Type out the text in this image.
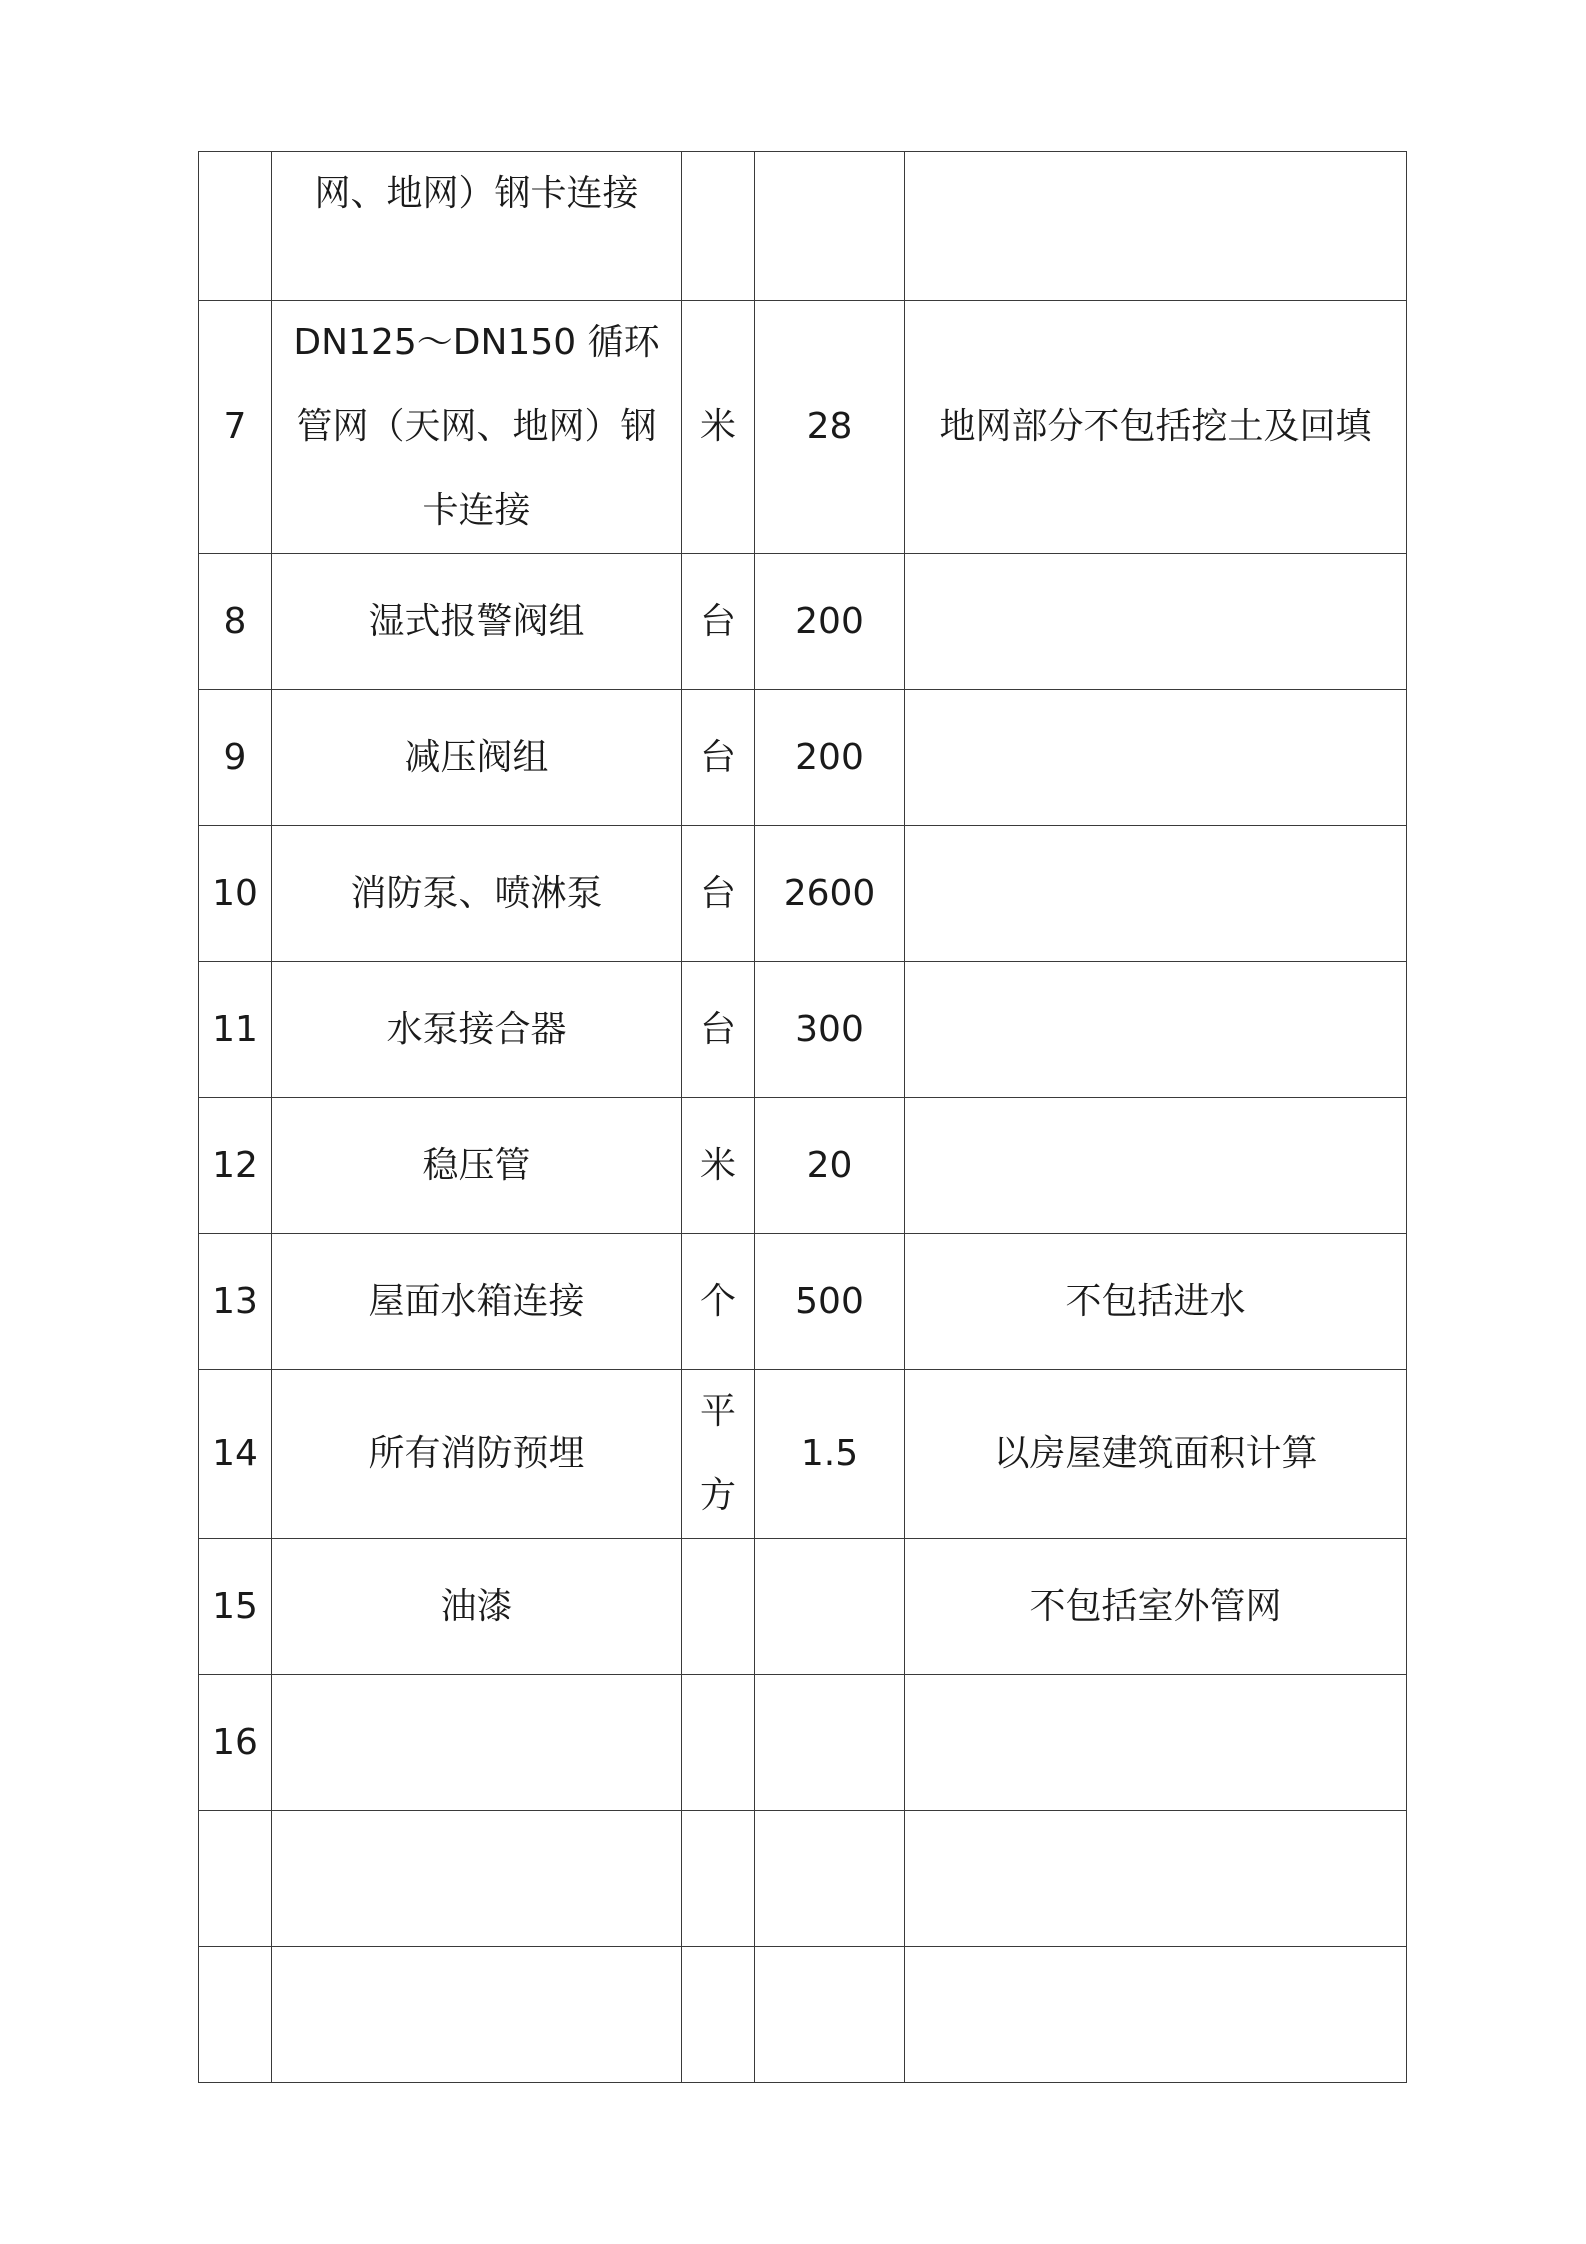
	网、地网）钢卡连接			
7	DN125～DN150 循环管网（天网、地网）钢卡连接	米	28	地网部分不包括挖土及回填
8	湿式报警阀组	台	200	
9	减压阀组	台	200	
10	消防泵、喷淋泵	台	2600	
11	水泵接合器	台	300	
12	稳压管	米	20	
13	屋面水箱连接	个	500	不包括进水
14	所有消防预埋	平方	1.5	以房屋建筑面积计算
15	油漆			不包括室外管网
16				
